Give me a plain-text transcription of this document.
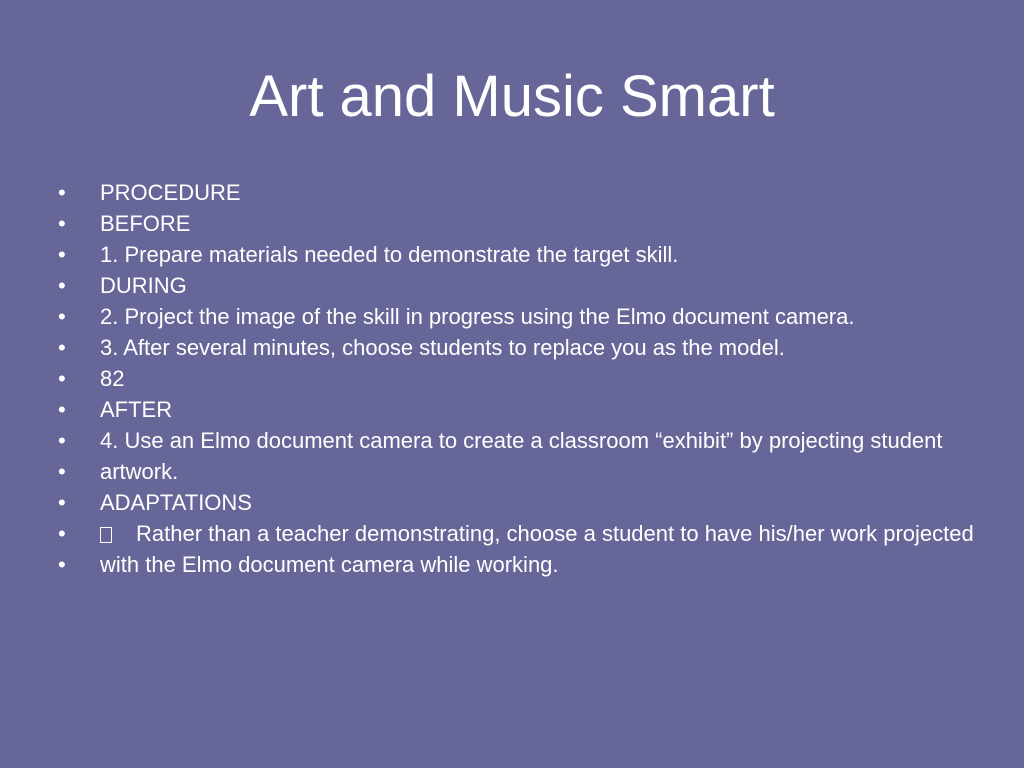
Art and Music Smart
•	PROCEDURE
•	BEFORE
•	1. Prepare materials needed to demonstrate the target skill.
•	DURING
•	2. Project the image of the skill in progress using the Elmo document camera.
•	3. After several minutes, choose students to replace you as the model.
•	82
•	AFTER
•	4. Use an Elmo document camera to create a classroom “exhibit” by projecting student
•	artwork.
•	ADAPTATIONS
•	Rather than a teacher demonstrating, choose a student to have his/her work projected
•	with the Elmo document camera while working.
